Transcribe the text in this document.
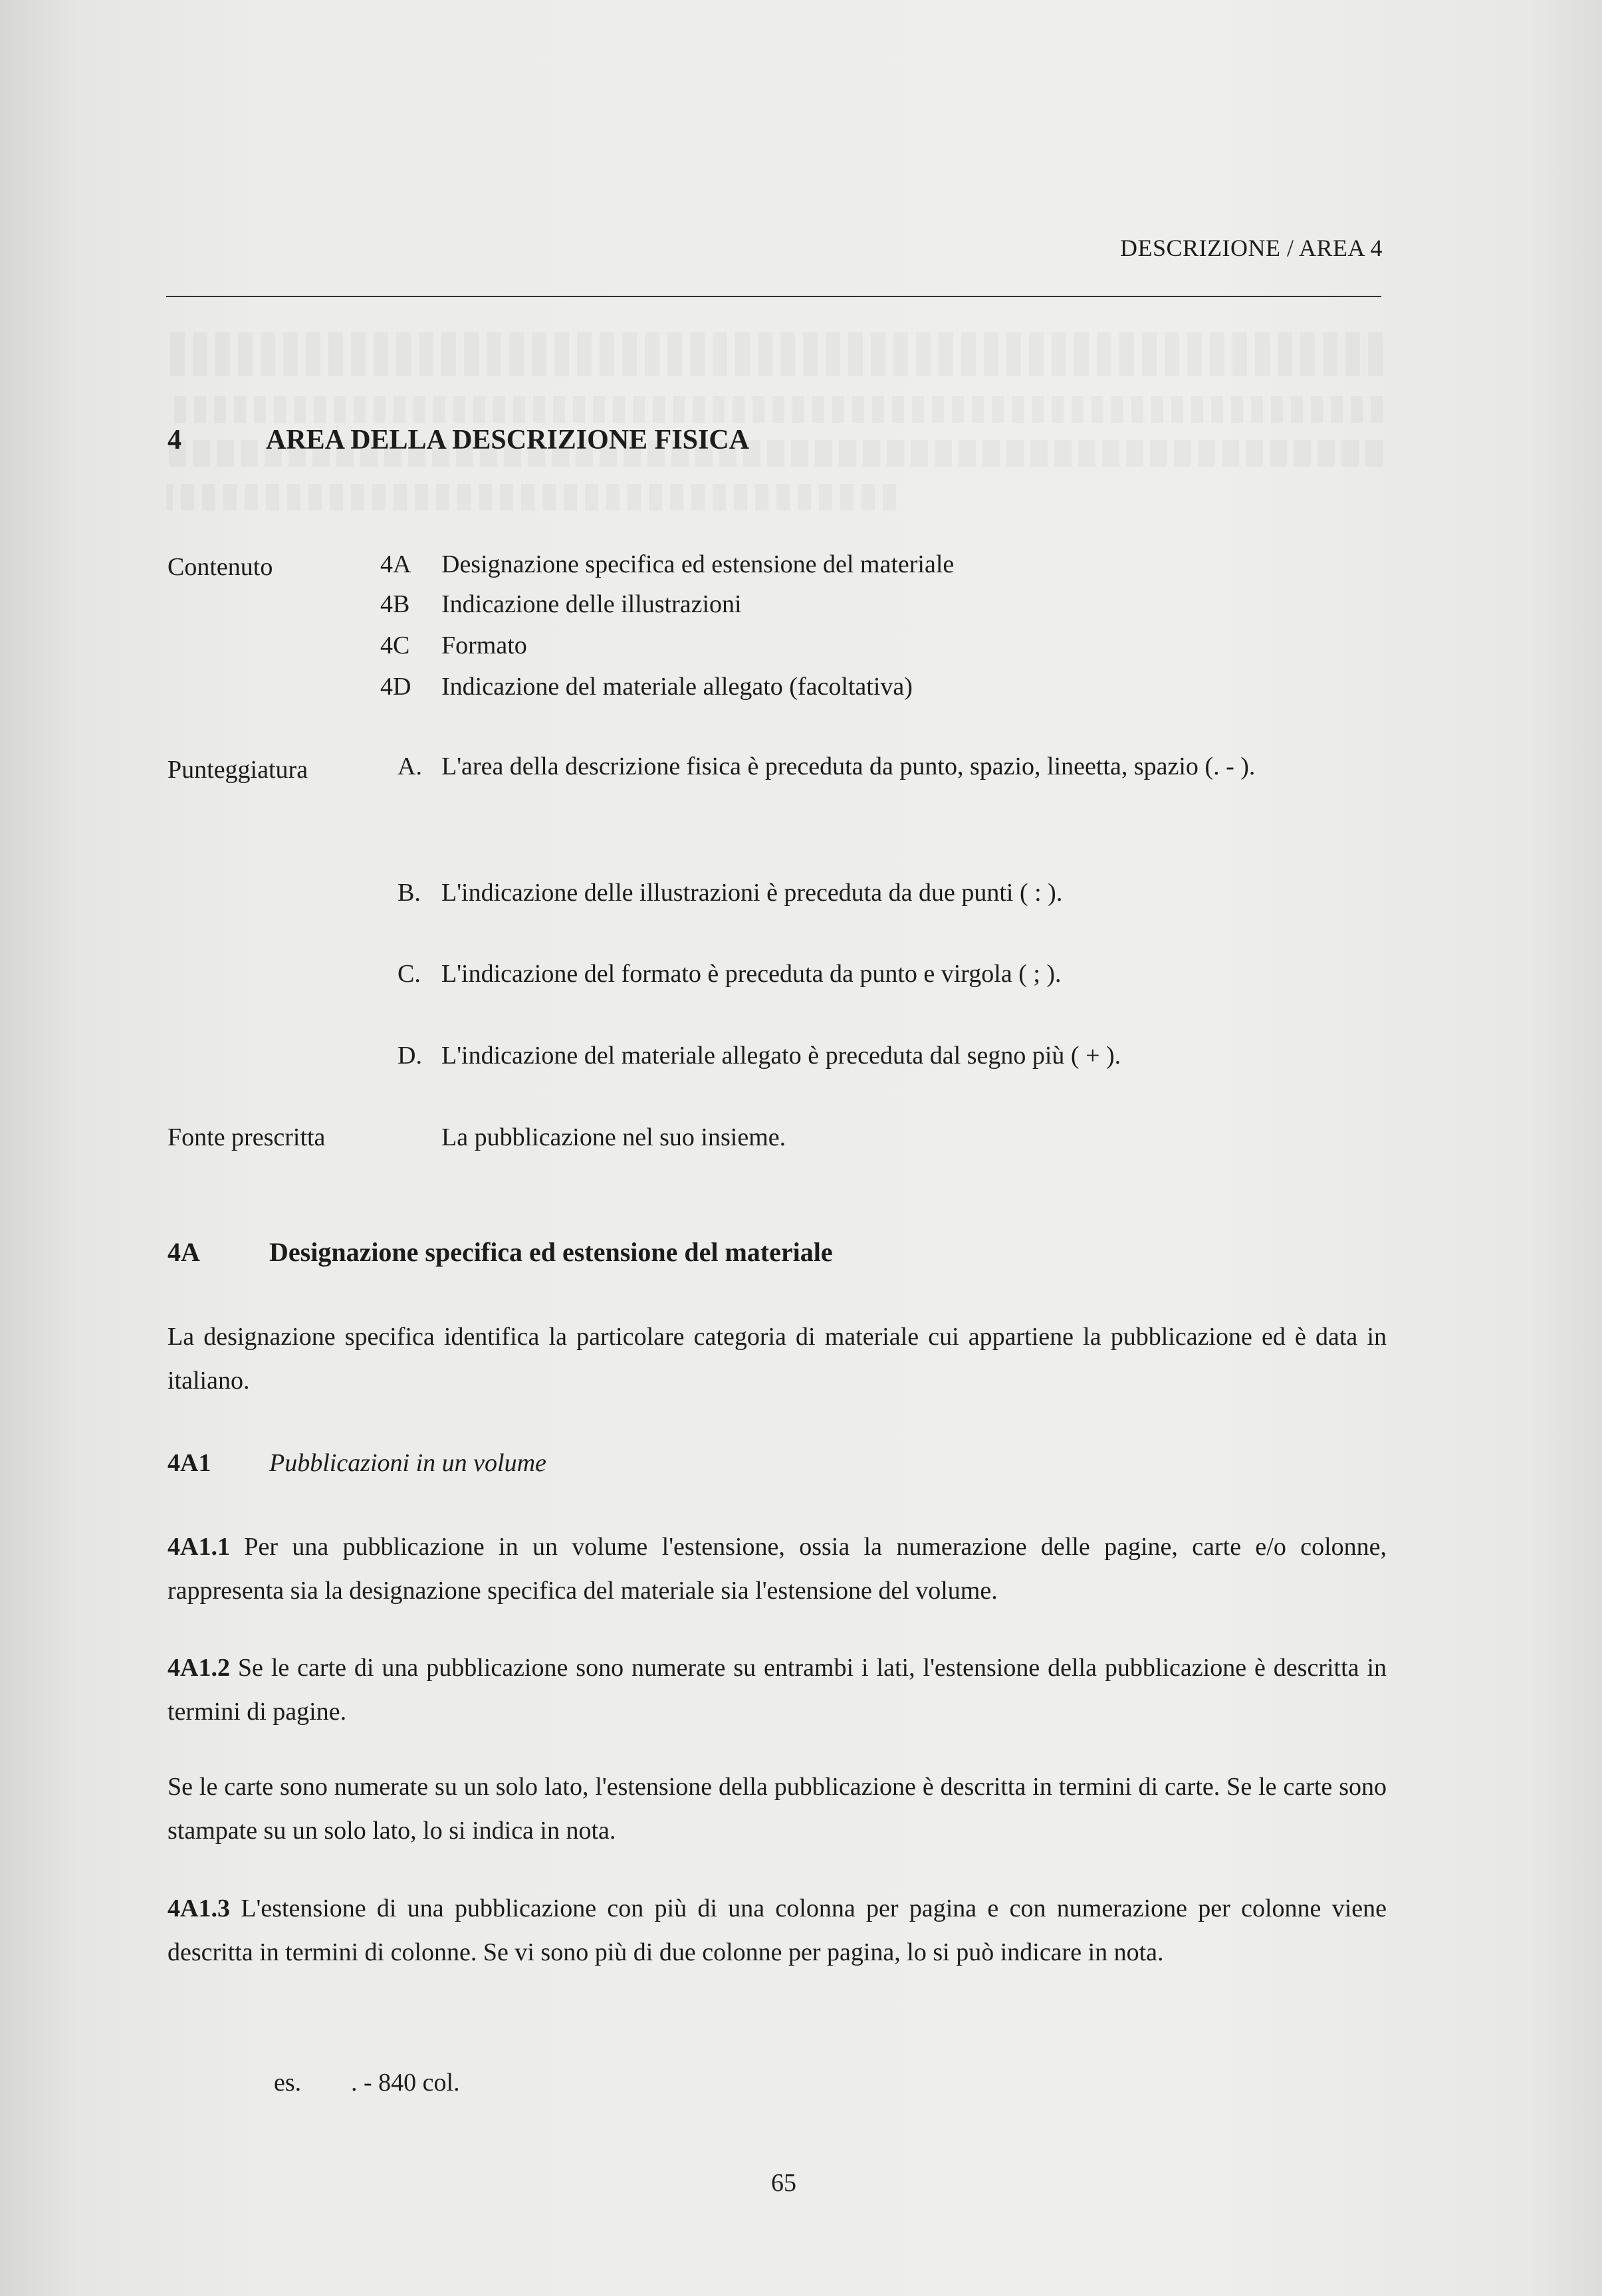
DESCRIZIONE / AREA 4
4	AREA DELLA DESCRIZIONE FISICA
Contenuto	4A Designazione specifica ed estensione del materiale
4B Indicazione delle illustrazioni
4C Formato
4D Indicazione del materiale allegato (facoltativa)
Punteggiatura	A. L'area della descrizione fisica è preceduta da punto, spazio, lineetta, spazio (. - ).
B. L'indicazione delle illustrazioni è preceduta da due punti ( : ).
C. L'indicazione del formato è preceduta da punto e virgola ( ; ).
D. L'indicazione del materiale allegato è preceduta dal segno più ( + ).
Fonte prescritta	La pubblicazione nel suo insieme.
4A	Designazione specifica ed estensione del materiale
La designazione specifica identifica la particolare categoria di materiale cui appartiene la pubblicazione ed è data in italiano.
4A1 Pubblicazioni in un volume
4A1.1 Per una pubblicazione in un volume l'estensione, ossia la numerazione delle pagine, carte e/o colonne, rappresenta sia la designazione specifica del materiale sia l'estensione del volume.
4A1.2 Se le carte di una pubblicazione sono numerate su entrambi i lati, l'estensione della pubblicazione è descritta in termini di pagine.
Se le carte sono numerate su un solo lato, l'estensione della pubblicazione è descritta in termini di carte. Se le carte sono stampate su un solo lato, lo si indica in nota.
4A1.3 L'estensione di una pubblicazione con più di una colonna per pagina e con numerazione per colonne viene descritta in termini di colonne. Se vi sono più di due colonne per pagina, lo si può indicare in nota.
es. . - 840 col.
65
